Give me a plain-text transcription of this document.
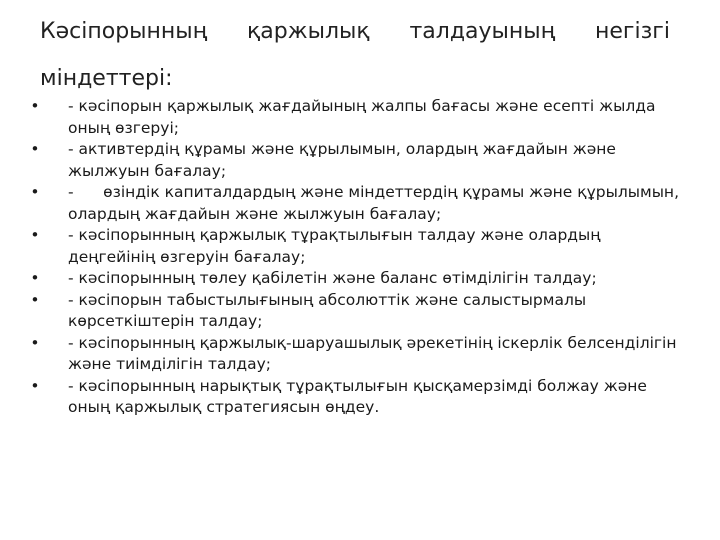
Кәсіпорынның қаржылық талдауының негізгі
міндеттері:
• - кәсіпорын қаржылық жағдайының жалпы бағасы және есепті жылда оның өзгеруі;
• - активтердің құрамы және құрылымын, олардың жағдайын және жылжуын бағалау;
• -      өзіндік капиталдардың және міндеттердің құрамы және құрылымын, олардың жағдайын және жылжуын бағалау;
• - кәсіпорынның қаржылық тұрақтылығын талдау және олардың деңгейінің өзгеруін бағалау;
• - кәсіпорынның төлеу қабілетін және баланс өтімділігін талдау;
• - кәсіпорын табыстылығының абсолюттік және салыстырмалы көрсеткіштерін талдау;
• - кәсіпорынның қаржылық-шаруашылық әрекетінің іскерлік белсенділігін және тиімділігін талдау;
• - кәсіпорынның нарықтық тұрақтылығын қысқамерзімді болжау және оның қаржылық стратегиясын өңдеу.
